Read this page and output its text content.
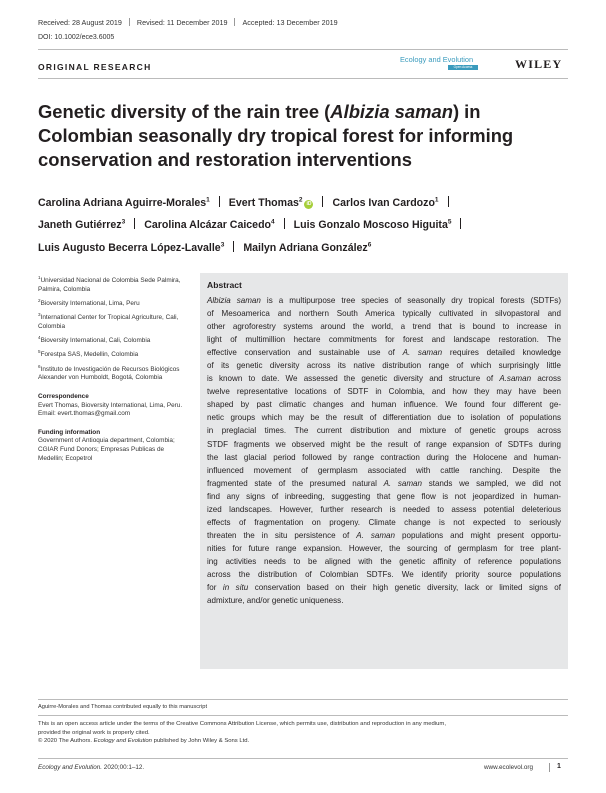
Received: 28 August 2019 Revised: 11 December 2019 Accepted: 13 December 2019
DOI: 10.1002/ece3.6005
ORIGINAL RESEARCH
Ecology and Evolution
Open Access	WILEY
Genetic diversity of the rain tree (Albizia saman) in Colombian seasonally dry tropical forest for informing conservation and restoration interventions
Carolina Adriana Aguirre-Morales$^1$ Evert Thomas$^2$iD Carlos Ivan Cardozo$^1$
Janeth Gutiérrez$^3$ Carolina Alcázar Caicedo$^4$ Luis Gonzalo Moscoso Higuita$^5$
Luis Augusto Becerra López-Lavalle$^3$ Mailyn Adriana González$^6$
$^1$Universidad Nacional de Colombia Sede Palmira, Palmira, Colombia
$^2$Bioversity International, Lima, Peru
$^3$International Center for Tropical Agriculture, Cali, Colombia
$^4$Bioversity International, Cali, Colombia
$^5$Forestpa SAS, Medellin, Colombia
$^6$Instituto de Investigación de Recursos Biológicos Alexander von Humboldt, Bogotá, Colombia
Correspondence
Evert Thomas, Bioversity International, Lima, Peru.
Email: evert.thomas@gmail.com
Funding information
Government of Antioquia department, Colombia; CGIAR Fund Donors; Empresas Publicas de Medellin; Ecopetrol
Abstract
Albizia saman is a multipurpose tree species of seasonally dry tropical forests (SDTFs)
of Mesoamerica and northern South America typically cultivated in silvopastoral and
other agroforestry systems around the world, a trend that is bound to increase in
light of multimillion hectare commitments for forest and landscape restoration. The
effective conservation and sustainable use of A. saman requires detailed knowledge
of its genetic diversity across its native distribution range of which surprisingly little
is known to date. We assessed the genetic diversity and structure of A.saman across
twelve representative locations of SDTF in Colombia, and how they may have been
shaped by past climatic changes and human influence. We found four different ge-
netic groups which may be the result of differentiation due to isolation of populations
in preglacial times. The current distribution and mixture of genetic groups across
STDF fragments we observed might be the result of range expansion of SDTFs during
the last glacial period followed by range contraction during the Holocene and human-
influenced movement of germplasm associated with cattle ranching. Despite the
fragmented state of the presumed natural A. saman stands we sampled, we did not
find any signs of inbreeding, suggesting that gene flow is not jeopardized in human-
ized landscapes. However, further research is needed to assess potential deleterious
effects of fragmentation on progeny. Climate change is not expected to seriously
threaten the in situ persistence of A. saman populations and might present opportu-
nities for future range expansion. However, the sourcing of germplasm for tree plant-
ing activities needs to be aligned with the genetic affinity of reference populations
across the distribution of Colombian SDTFs. We identify priority source populations
for in situ conservation based on their high genetic diversity, lack or limited signs of
admixture, and/or genetic uniqueness.
Aguirre-Morales and Thomas contributed equally to this manuscript
This is an open access article under the terms of the Creative Commons Attribution License, which permits use, distribution and reproduction in any medium,
provided the original work is properly cited.
© 2020 The Authors. Ecology and Evolution published by John Wiley & Sons Ltd.
Ecology and Evolution. 2020;00:1–12.	www.ecolevol.org	1
